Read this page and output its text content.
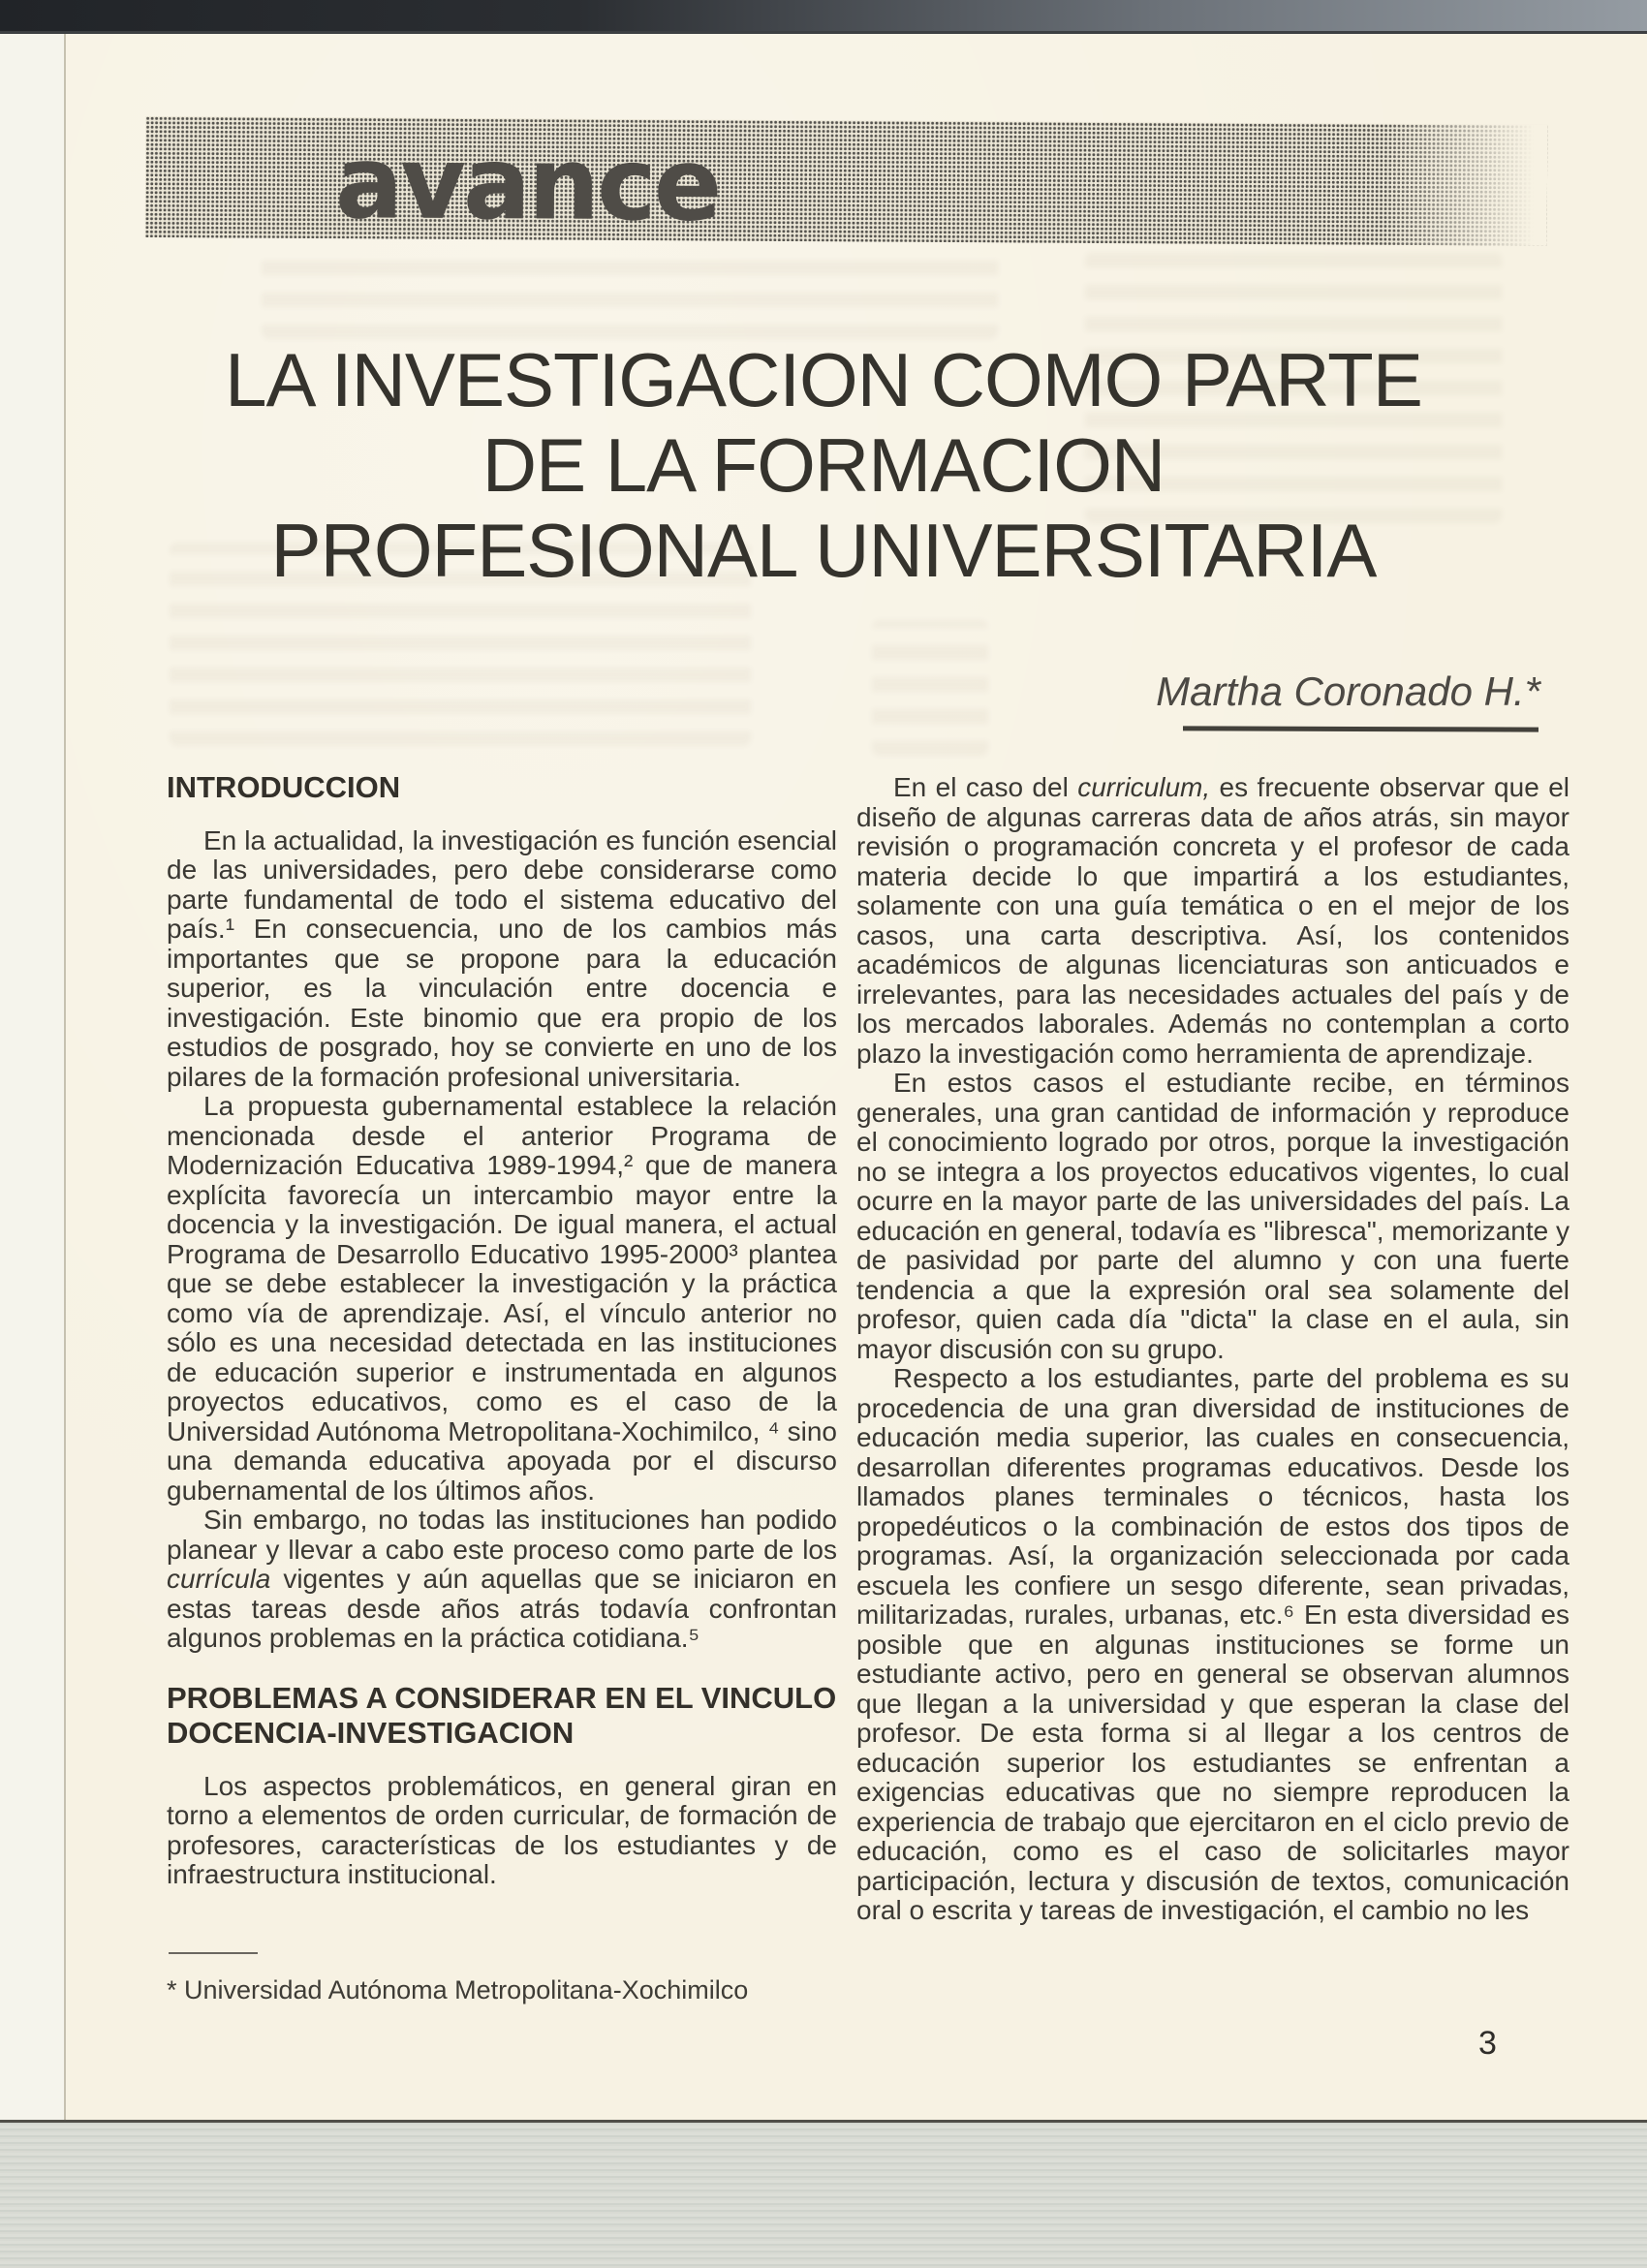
avance
LA INVESTIGACION COMO PARTE
DE LA FORMACION
PROFESIONAL UNIVERSITARIA
Martha Coronado H.*
INTRODUCCION

En la actualidad, la investigación es función esencial de las universidades, pero debe considerarse como parte fundamental de todo el sistema educativo del país.¹ En consecuencia, uno de los cambios más importantes que se propone para la educación superior, es la vinculación entre docencia e investigación. Este binomio que era propio de los estudios de posgrado, hoy se convierte en uno de los pilares de la formación profesional universitaria.

La propuesta gubernamental establece la relación mencionada desde el anterior Programa de Modernización Educativa 1989-1994,² que de manera explícita favorecía un intercambio mayor entre la docencia y la investigación. De igual manera, el actual Programa de Desarrollo Educativo 1995-2000³ plantea que se debe establecer la investigación y la práctica como vía de aprendizaje. Así, el vínculo anterior no sólo es una necesidad detectada en las instituciones de educación superior e instrumentada en algunos proyectos educativos, como es el caso de la Universidad Autónoma Metropolitana-Xochimilco, ⁴ sino una demanda educativa apoyada por el discurso gubernamental de los últimos años.

Sin embargo, no todas las instituciones han podido planear y llevar a cabo este proceso como parte de los currícula vigentes y aún aquellas que se iniciaron en estas tareas desde años atrás todavía confrontan algunos problemas en la práctica cotidiana.⁵

PROBLEMAS A CONSIDERAR EN EL VINCULO
DOCENCIA-INVESTIGACION

Los aspectos problemáticos, en general giran en torno a elementos de orden curricular, de formación de profesores, características de los estudiantes y de infraestructura institucional.

* Universidad Autónoma Metropolitana-Xochimilco

En el caso del curriculum, es frecuente observar que el diseño de algunas carreras data de años atrás, sin mayor revisión o programación concreta y el profesor de cada materia decide lo que impartirá a los estudiantes, solamente con una guía temática o en el mejor de los casos, una carta descriptiva. Así, los contenidos académicos de algunas licenciaturas son anticuados e irrelevantes, para las necesidades actuales del país y de los mercados laborales. Además no contemplan a corto plazo la investigación como herramienta de aprendizaje.

En estos casos el estudiante recibe, en términos generales, una gran cantidad de información y reproduce el conocimiento logrado por otros, porque la investigación no se integra a los proyectos educativos vigentes, lo cual ocurre en la mayor parte de las universidades del país. La educación en general, todavía es "libresca", memorizante y de pasividad por parte del alumno y con una fuerte tendencia a que la expresión oral sea solamente del profesor, quien cada día "dicta" la clase en el aula, sin mayor discusión con su grupo.

Respecto a los estudiantes, parte del problema es su procedencia de una gran diversidad de instituciones de educación media superior, las cuales en consecuencia, desarrollan diferentes programas educativos. Desde los llamados planes terminales o técnicos, hasta los propedéuticos o la combinación de estos dos tipos de programas. Así, la organización seleccionada por cada escuela les confiere un sesgo diferente, sean privadas, militarizadas, rurales, urbanas, etc.⁶ En esta diversidad es posible que en algunas instituciones se forme un estudiante activo, pero en general se observan alumnos que llegan a la universidad y que esperan la clase del profesor. De esta forma si al llegar a los centros de educación superior los estudiantes se enfrentan a exigencias educativas que no siempre reproducen la experiencia de trabajo que ejercitaron en el ciclo previo de educación, como es el caso de solicitarles mayor participación, lectura y discusión de textos, comunicación oral o escrita y tareas de investigación, el cambio no les

3
